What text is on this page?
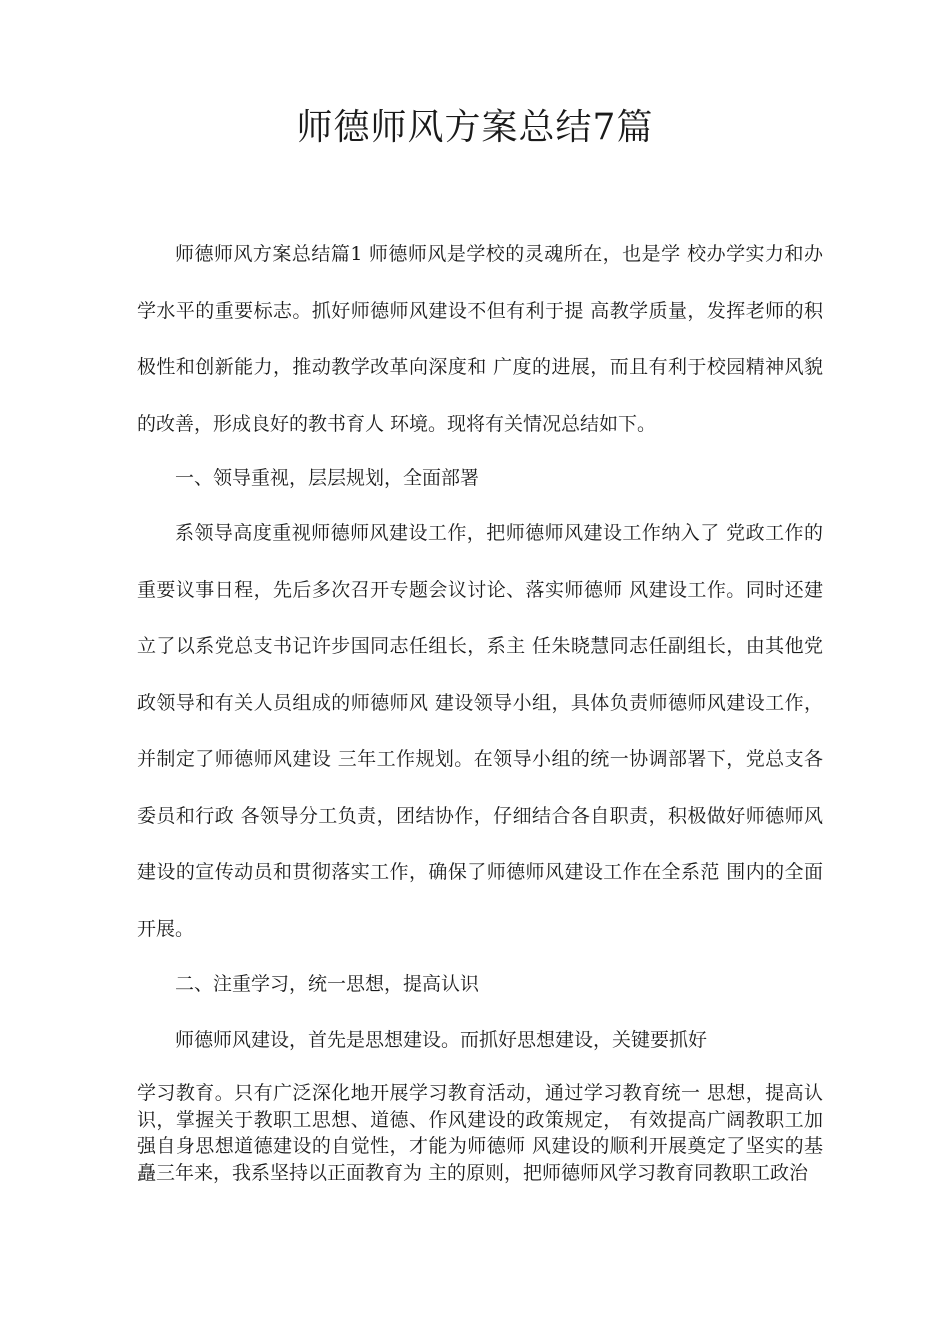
师德师风方案总结7篇

师德师风方案总结篇1 师德师风是学校的灵魂所在，也是学 校办学实力和办学水平的重要标志。抓好师德师风建设不但有利于提 高教学质量，发挥老师的积极性和创新能力，推动教学改革向深度和 广度的进展，而且有利于校园精神风貌的改善，形成良好的教书育人 环境。现将有关情况总结如下。

一、领导重视，层层规划，全面部署

系领导高度重视师德师风建设工作，把师德师风建设工作纳入了 党政工作的重要议事日程，先后多次召开专题会议讨论、落实师德师 风建设工作。同时还建立了以系党总支书记许步国同志任组长，系主 任朱晓慧同志任副组长，由其他党政领导和有关人员组成的师德师风 建设领导小组，具体负责师德师风建设工作，并制定了师德师风建设 三年工作规划。在领导小组的统一协调部署下，党总支各委员和行政 各领导分工负责，团结协作，仔细结合各自职责，积极做好师德师风建设的宣传动员和贯彻落实工作，确保了师德师风建设工作在全系范 围内的全面开展。

二、注重学习，统一思想，提高认识

师德师风建设，首先是思想建设。而抓好思想建设，关键要抓好

学习教育。只有广泛深化地开展学习教育活动，通过学习教育统一 思想，提高认识，掌握关于教职工思想、道德、作风建设的政策规定， 有效提高广阔教职工加强自身思想道德建设的自觉性，才能为师德师 风建设的顺利开展奠定了坚实的基矗三年来，我系坚持以正面教育为 主的原则，把师德师风学习教育同教职工政治
